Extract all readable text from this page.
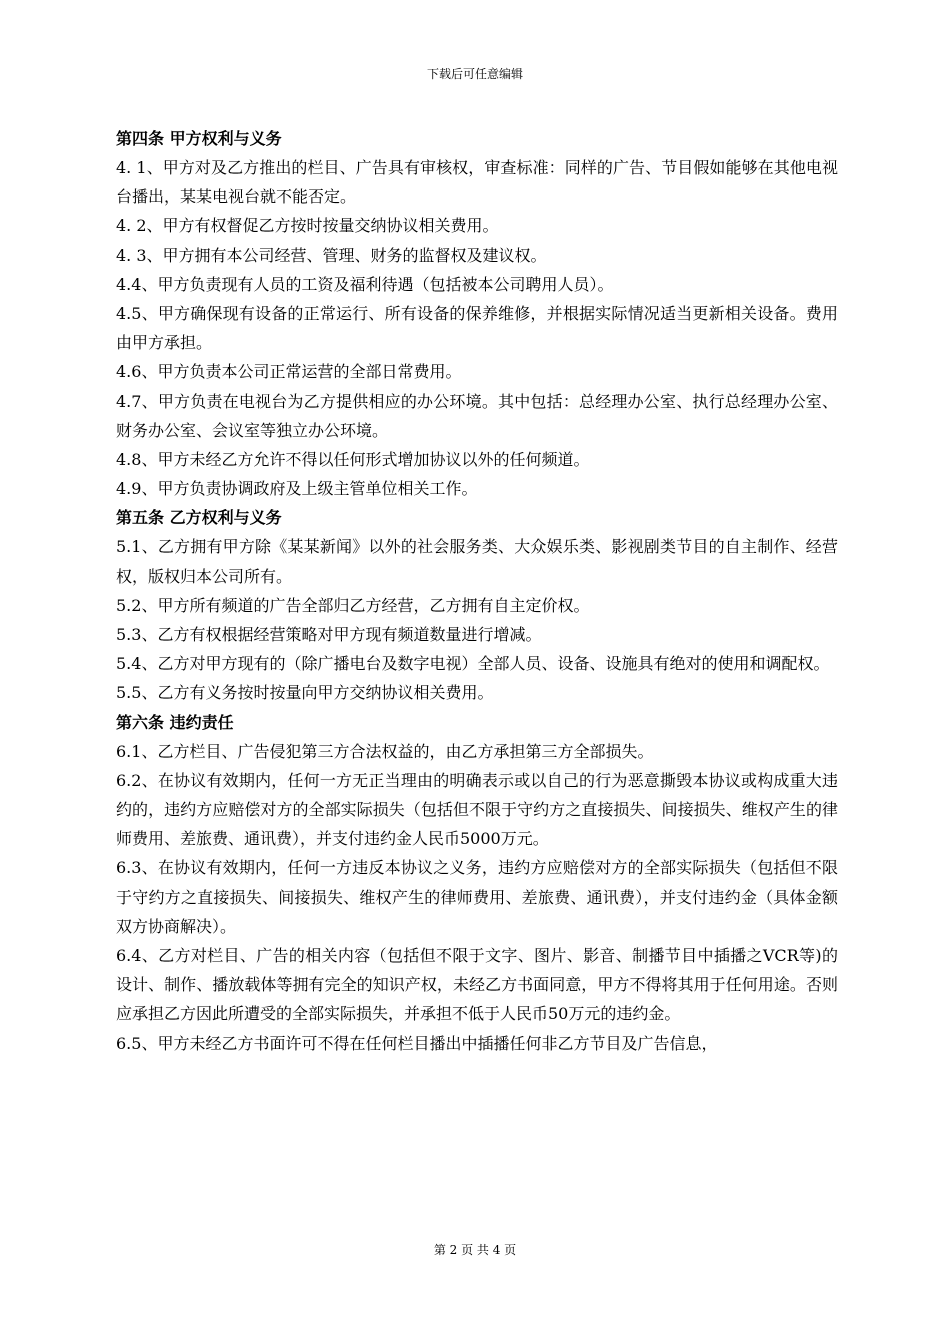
下载后可任意编辑

第四条 甲方权利与义务

4. 1、甲方对及乙方推出的栏目、广告具有审核权，审查标准：同样的广告、节目假如能够在其他电视台播出，某某电视台就不能否定。

4. 2、甲方有权督促乙方按时按量交纳协议相关费用。

4. 3、甲方拥有本公司经营、管理、财务的监督权及建议权。

4.4、甲方负责现有人员的工资及福利待遇（包括被本公司聘用人员）。

4.5、甲方确保现有设备的正常运行、所有设备的保养维修，并根据实际情况适当更新相关设备。费用由甲方承担。

4.6、甲方负责本公司正常运营的全部日常费用。

4.7、甲方负责在电视台为乙方提供相应的办公环境。其中包括：总经理办公室、执行总经理办公室、财务办公室、会议室等独立办公环境。

4.8、甲方未经乙方允许不得以任何形式增加协议以外的任何频道。

4.9、甲方负责协调政府及上级主管单位相关工作。

第五条 乙方权利与义务

5.1、乙方拥有甲方除《某某新闻》以外的社会服务类、大众娱乐类、影视剧类节目的自主制作、经营权，版权归本公司所有。

5.2、甲方所有频道的广告全部归乙方经营，乙方拥有自主定价权。

5.3、乙方有权根据经营策略对甲方现有频道数量进行增减。

5.4、乙方对甲方现有的（除广播电台及数字电视）全部人员、设备、设施具有绝对的使用和调配权。

5.5、乙方有义务按时按量向甲方交纳协议相关费用。

第六条 违约责任

6.1、乙方栏目、广告侵犯第三方合法权益的，由乙方承担第三方全部损失。

6.2、在协议有效期内，任何一方无正当理由的明确表示或以自己的行为恶意撕毁本协议或构成重大违约的，违约方应赔偿对方的全部实际损失（包括但不限于守约方之直接损失、间接损失、维权产生的律师费用、差旅费、通讯费），并支付违约金人民币5000万元。

6.3、在协议有效期内，任何一方违反本协议之义务，违约方应赔偿对方的全部实际损失（包括但不限于守约方之直接损失、间接损失、维权产生的律师费用、差旅费、通讯费），并支付违约金（具体金额双方协商解决）。

6.4、乙方对栏目、广告的相关内容（包括但不限于文字、图片、影音、制播节目中插播之VCR等)的设计、制作、播放载体等拥有完全的知识产权，未经乙方书面同意，甲方不得将其用于任何用途。否则应承担乙方因此所遭受的全部实际损失，并承担不低于人民币50万元的违约金。

6.5、甲方未经乙方书面许可不得在任何栏目播出中插播任何非乙方节目及广告信息，

第 2 页 共 4 页
